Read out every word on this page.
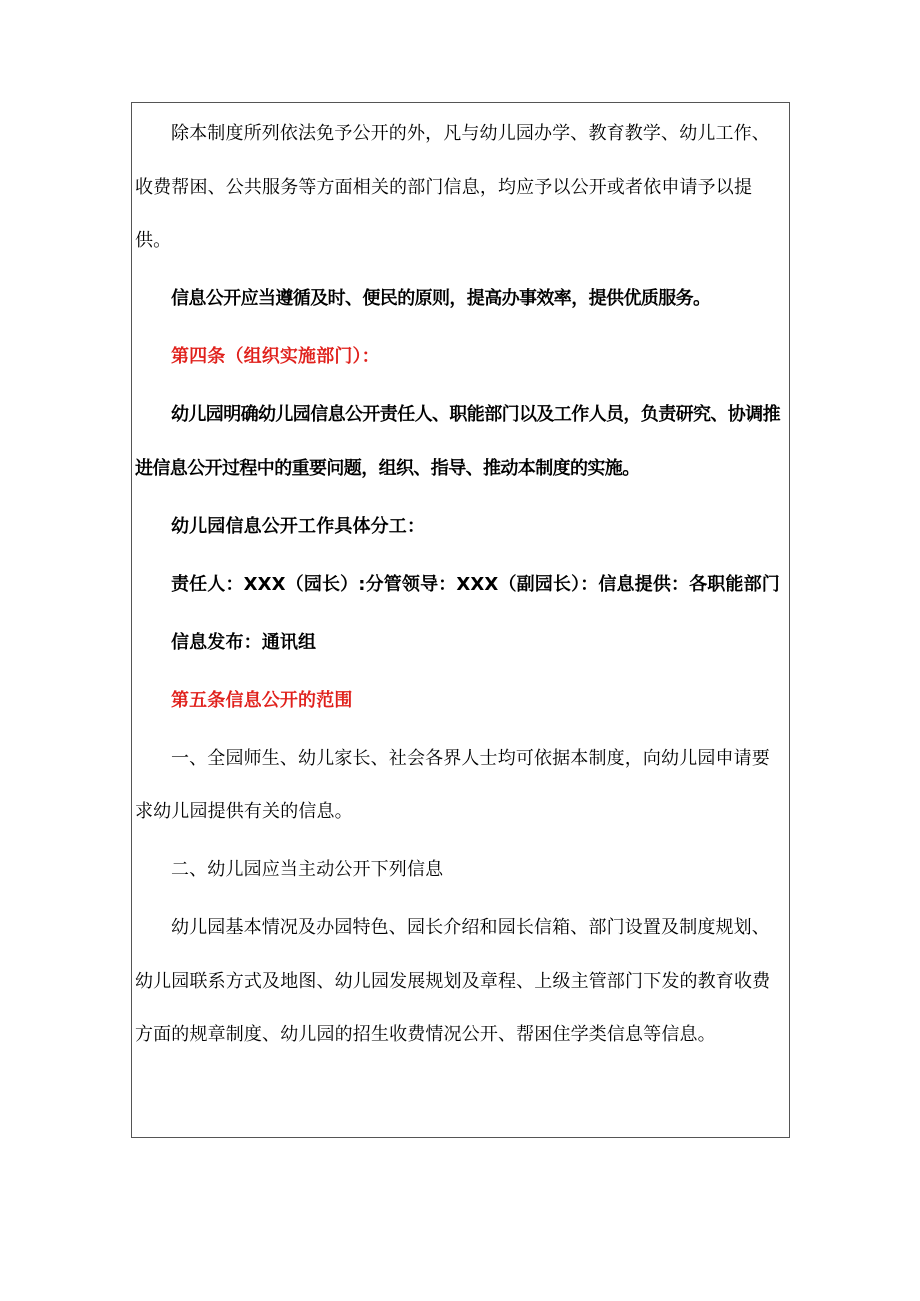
除本制度所列依法免予公开的外，凡与幼儿园办学、教育教学、幼儿工作、收费帮困、公共服务等方面相关的部门信息，均应予以公开或者依申请予以提供。

信息公开应当遵循及时、便民的原则，提高办事效率，提供优质服务。

第四条（组织实施部门）：

幼儿园明确幼儿园信息公开责任人、职能部门以及工作人员，负责研究、协调推进信息公开过程中的重要问题，组织、指导、推动本制度的实施。

幼儿园信息公开工作具体分工：

责任人：XXX（园长）:分管领导：XXX（副园长）：信息提供：各职能部门

信息发布：通讯组

第五条信息公开的范围

一、全园师生、幼儿家长、社会各界人士均可依据本制度，向幼儿园申请要求幼儿园提供有关的信息。

二、幼儿园应当主动公开下列信息

幼儿园基本情况及办园特色、园长介绍和园长信箱、部门设置及制度规划、幼儿园联系方式及地图、幼儿园发展规划及章程、上级主管部门下发的教育收费方面的规章制度、幼儿园的招生收费情况公开、帮困住学类信息等信息。
